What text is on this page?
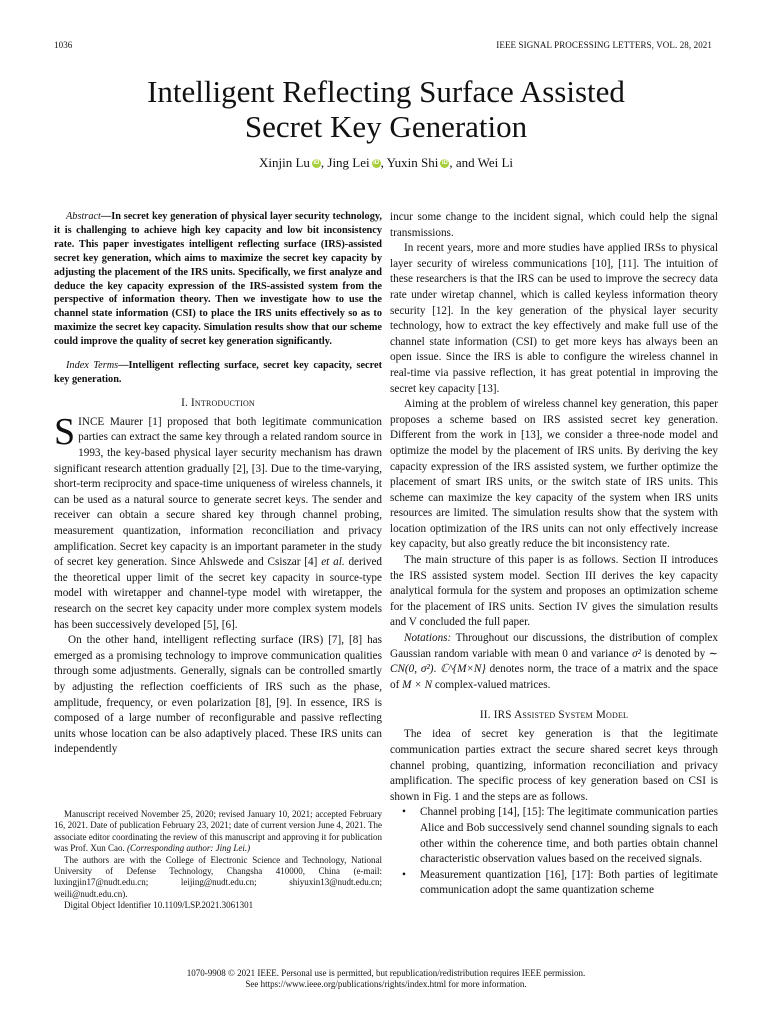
1036	IEEE SIGNAL PROCESSING LETTERS, VOL. 28, 2021
Intelligent Reflecting Surface Assisted
Secret Key Generation
Xinjin Lu iD , Jing Lei iD , Yuxin Shi iD , and Wei Li

Abstract—In secret key generation of physical layer security technology, it is challenging to achieve high key capacity and low bit inconsistency rate. This paper investigates intelligent reflecting surface (IRS)-assisted secret key generation, which aims to maximize the secret key capacity by adjusting the placement of the IRS units. Specifically, we first analyze and deduce the key capacity expression of the IRS-assisted system from the perspective of information theory. Then we investigate how to use the channel state information (CSI) to place the IRS units effectively so as to maximize the secret key capacity. Simulation results show that our scheme could improve the quality of secret key generation significantly.

Index Terms—Intelligent reflecting surface, secret key capacity, secret key generation.

I. Introduction

SINCE Maurer [1] proposed that both legitimate communication parties can extract the same key through a related random source in 1993, the key-based physical layer security mechanism has drawn significant research attention gradually [2], [3]. Due to the time-varying, short-term reciprocity and space-time uniqueness of wireless channels, it can be used as a natural source to generate secret keys. The sender and receiver can obtain a secure shared key through channel probing, measurement quantization, information reconciliation and privacy amplification. Secret key capacity is an important parameter in the study of secret key generation. Since Ahlswede and Csiszar [4] et al. derived the theoretical upper limit of the secret key capacity in source-type model with wiretapper and channel-type model with wiretapper, the research on the secret key capacity under more complex system models has been successively developed [5], [6].

On the other hand, intelligent reflecting surface (IRS) [7], [8] has emerged as a promising technology to improve communication qualities through some adjustments. Generally, signals can be controlled smartly by adjusting the reflection coefficients of IRS such as the phase, amplitude, frequency, or even polarization [8], [9]. In essence, IRS is composed of a large number of reconfigurable and passive reflecting units whose location can be also adaptively placed. These IRS units can independently

Manuscript received November 25, 2020; revised January 10, 2021; accepted February 16, 2021. Date of publication February 23, 2021; date of current version June 4, 2021. The associate editor coordinating the review of this manuscript and approving it for publication was Prof. Xun Cao. (Corresponding author: Jing Lei.)

The authors are with the College of Electronic Science and Technology, National University of Defense Technology, Changsha 410000, China (e-mail: luxingjin17@nudt.edu.cn; leijing@nudt.edu.cn; shiyuxin13@nudt.edu.cn; weili@nudt.edu.cn).

Digital Object Identifier 10.1109/LSP.2021.3061301

incur some change to the incident signal, which could help the signal transmissions.

In recent years, more and more studies have applied IRSs to physical layer security of wireless communications [10], [11]. The intuition of these researchers is that the IRS can be used to improve the secrecy data rate under wiretap channel, which is called keyless information theory security [12]. In the key generation of the physical layer security technology, how to extract the key effectively and make full use of the channel state information (CSI) to get more keys has always been an open issue. Since the IRS is able to configure the wireless channel in real-time via passive reflection, it has great potential in improving the secret key capacity [13].

Aiming at the problem of wireless channel key generation, this paper proposes a scheme based on IRS assisted secret key generation. Different from the work in [13], we consider a three-node model and optimize the model by the placement of IRS units. By deriving the key capacity expression of the IRS assisted system, we further optimize the placement of smart IRS units, or the switch state of IRS units. This scheme can maximize the key capacity of the system when IRS units resources are limited. The simulation results show that the system with location optimization of the IRS units can not only effectively increase key capacity, but also greatly reduce the bit inconsistency rate.

The main structure of this paper is as follows. Section II introduces the IRS assisted system model. Section III derives the key capacity analytical formula for the system and proposes an optimization scheme for the placement of IRS units. Section IV gives the simulation results and V concluded the full paper.

Notations: Throughout our discussions, the distribution of complex Gaussian random variable with mean 0 and variance σ² is denoted by ∼ CN(0, σ²). ℂ^{M×N} denotes norm, the trace of a matrix and the space of M × N complex-valued matrices.

II. IRS Assisted System Model

The idea of secret key generation is that the legitimate communication parties extract the secure shared secret keys through channel probing, quantizing, information reconciliation and privacy amplification. The specific process of key generation based on CSI is shown in Fig. 1 and the steps are as follows.

• Channel probing [14], [15]: The legitimate communication parties Alice and Bob successively send channel sounding signals to each other within the coherence time, and both parties obtain channel characteristic observation values based on the received signals.
• Measurement quantization [16], [17]: Both parties of legitimate communication adopt the same quantization scheme
1070-9908 © 2021 IEEE. Personal use is permitted, but republication/redistribution requires IEEE permission.
See https://www.ieee.org/publications/rights/index.html for more information.
